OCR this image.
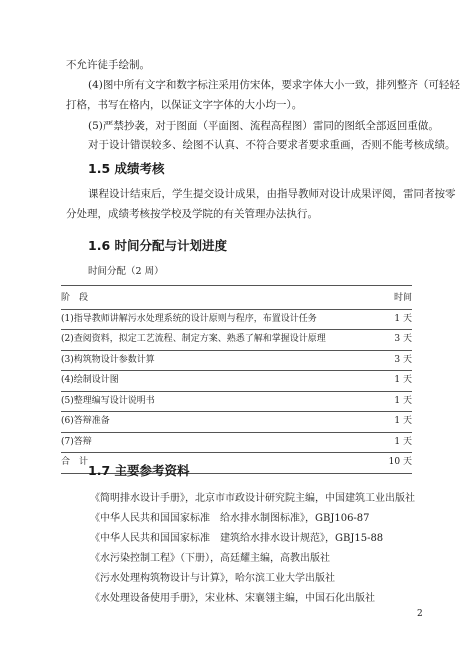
不允许徒手绘制。
(4)图中所有文字和数字标注采用仿宋体，要求字体大小一致，排列整齐（可轻轻
打格，书写在格内，以保证文字字体的大小均一）。
(5)严禁抄袭，对于图面（平面图、流程高程图）雷同的图纸全部返回重做。
对于设计错误较多、绘图不认真、不符合要求者要求重画，否则不能考核成绩。
1.5 成绩考核
课程设计结束后，学生提交设计成果，由指导教师对设计成果评阅，雷同者按零
分处理，成绩考核按学校及学院的有关管理办法执行。
1.6 时间分配与计划进度
时间分配（2 周）
阶　段	时间
(1)指导教师讲解污水处理系统的设计原则与程序，布置设计任务	1 天
(2)查阅资料，拟定工艺流程、制定方案、熟悉了解和掌握设计原理	3 天
(3)构筑物设计参数计算	3 天
(4)绘制设计图	1 天
(5)整理编写设计说明书	1 天
(6)答辩准备	1 天
(7)答辩	1 天
合　计	10 天
1.7 主要参考资料
《简明排水设计手册》，北京市市政设计研究院主编，中国建筑工业出版社
《中华人民共和国国家标准　给水排水制图标准》，GBJ106-87
《中华人民共和国国家标准　建筑给水排水设计规范》，GBJ15-88
《水污染控制工程》（下册），高廷耀主编，高教出版社
《污水处理构筑物设计与计算》，哈尔滨工业大学出版社
《水处理设备使用手册》，宋业林、宋襄翎主编，中国石化出版社
2
